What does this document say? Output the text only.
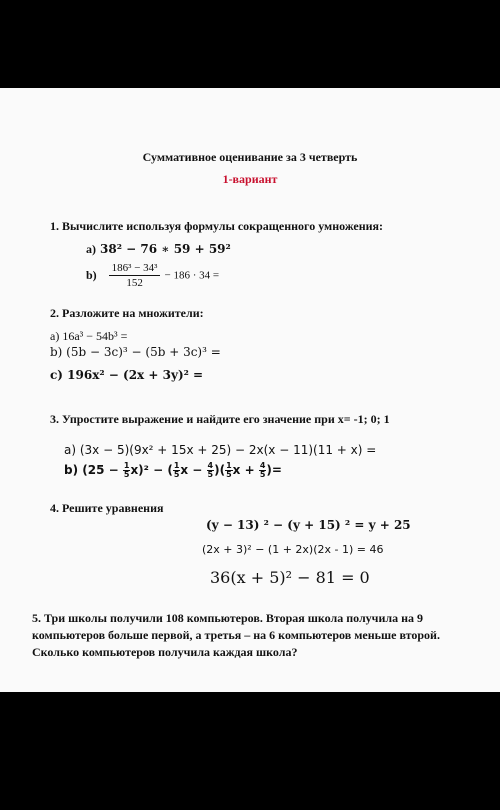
Суммативное оценивание за 3 четверть
1-вариант
1. Вычислите используя формулы сокращенного умножения:
a) 38² − 76 ∗ 59 + 59²
$b) \frac{\text{186³ − 34³}}{152} - 186 \cdot 34$ =
2. Разложите на множители:
a) 16a³ − 54b³ =
b) (5b − 3c)³ − (5b + 3c)³ =
c) 196x² − (2x + 3y)² =
3. Упростите выражение и найдите его значение при x= -1; 0; 1
a) (3x − 5)(9x² + 15x + 25) − 2x(x − 11)(11 + x) =
b) $(25 - \frac{1}{5} x)^2$ − ( $\frac{1}{5}$ $x - \frac{4}{5}$ )( $\frac{1}{5}$ $x + \frac{4}{5}$ )=
4. Решите уравнения
(y − 13) ² − (y + 15) ² = y + 25
(2x + 3)² − (1 + 2x)(2x - 1) = 46
36(x + 5)² − 81 = 0
5. Три школы получили 108 компьютеров. Вторая школа получила на 9 компьютеров больше первой, а третья – на 6 компьютеров меньше второй. Сколько компьютеров получила каждая школа?
